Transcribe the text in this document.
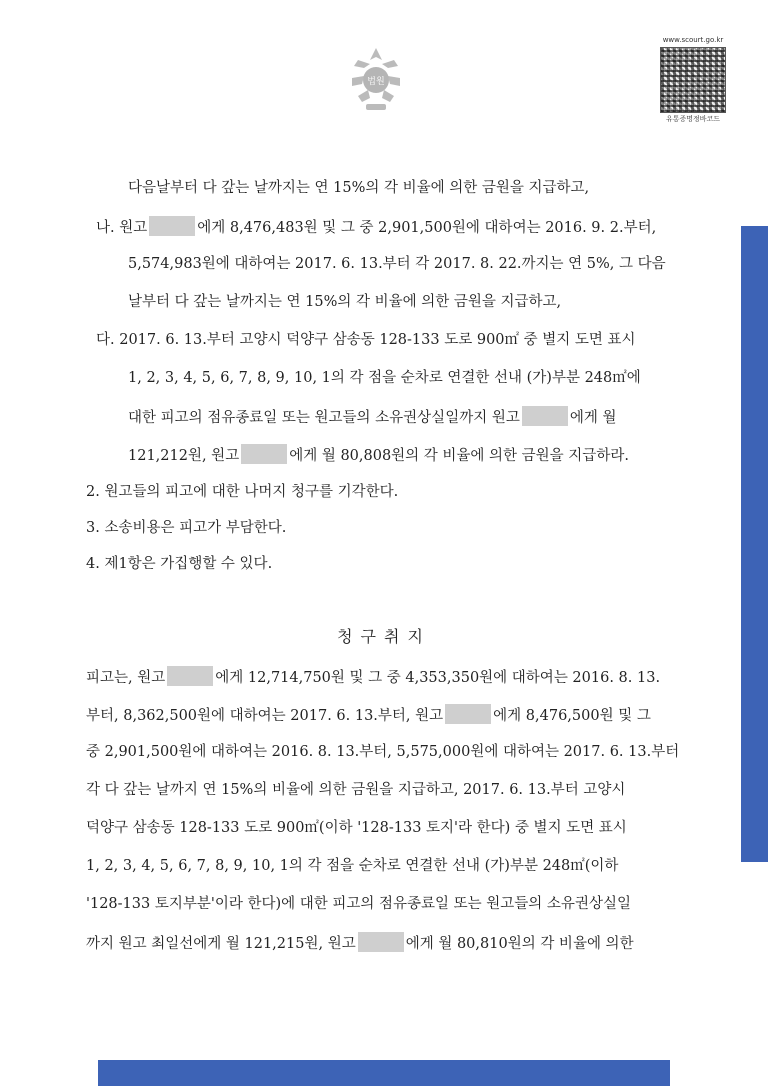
법원
www.scourt.go.kr
유통증명정바코드
다음날부터 다 갚는 날까지는 연 15%의 각 비율에 의한 금원을 지급하고,
나. 원고	에게 8,476,483원 및 그 중 2,901,500원에 대하여는 2016. 9. 2.부터,
5,574,983원에 대하여는 2017. 6. 13.부터 각 2017. 8. 22.까지는 연 5%, 그 다음
날부터 다 갚는 날까지는 연 15%의 각 비율에 의한 금원을 지급하고,
다. 2017. 6. 13.부터 고양시 덕양구 삼송동 128-133 도로 900㎡ 중 별지 도면 표시
1, 2, 3, 4, 5, 6, 7, 8, 9, 10, 1의 각 점을 순차로 연결한 선내 (가)부분 248㎡에
대한 피고의 점유종료일 또는 원고들의 소유권상실일까지 원고	에게 월
121,212원, 원고	에게 월 80,808원의 각 비율에 의한 금원을 지급하라.
2. 원고들의 피고에 대한 나머지 청구를 기각한다.
3. 소송비용은 피고가 부담한다.
4. 제1항은 가집행할 수 있다.
청구취지
피고는, 원고	에게 12,714,750원 및 그 중 4,353,350원에 대하여는 2016. 8. 13.
부터, 8,362,500원에 대하여는 2017. 6. 13.부터, 원고	에게 8,476,500원 및 그
중 2,901,500원에 대하여는 2016. 8. 13.부터, 5,575,000원에 대하여는 2017. 6. 13.부터
각 다 갚는 날까지 연 15%의 비율에 의한 금원을 지급하고, 2017. 6. 13.부터 고양시
덕양구 삼송동 128-133 도로 900㎡(이하 '128-133 토지'라 한다) 중 별지 도면 표시
1, 2, 3, 4, 5, 6, 7, 8, 9, 10, 1의 각 점을 순차로 연결한 선내 (가)부분 248㎡(이하
'128-133 토지부분'이라 한다)에 대한 피고의 점유종료일 또는 원고들의 소유권상실일
까지 원고 최일선에게 월 121,215원, 원고	에게 월 80,810원의 각 비율에 의한
